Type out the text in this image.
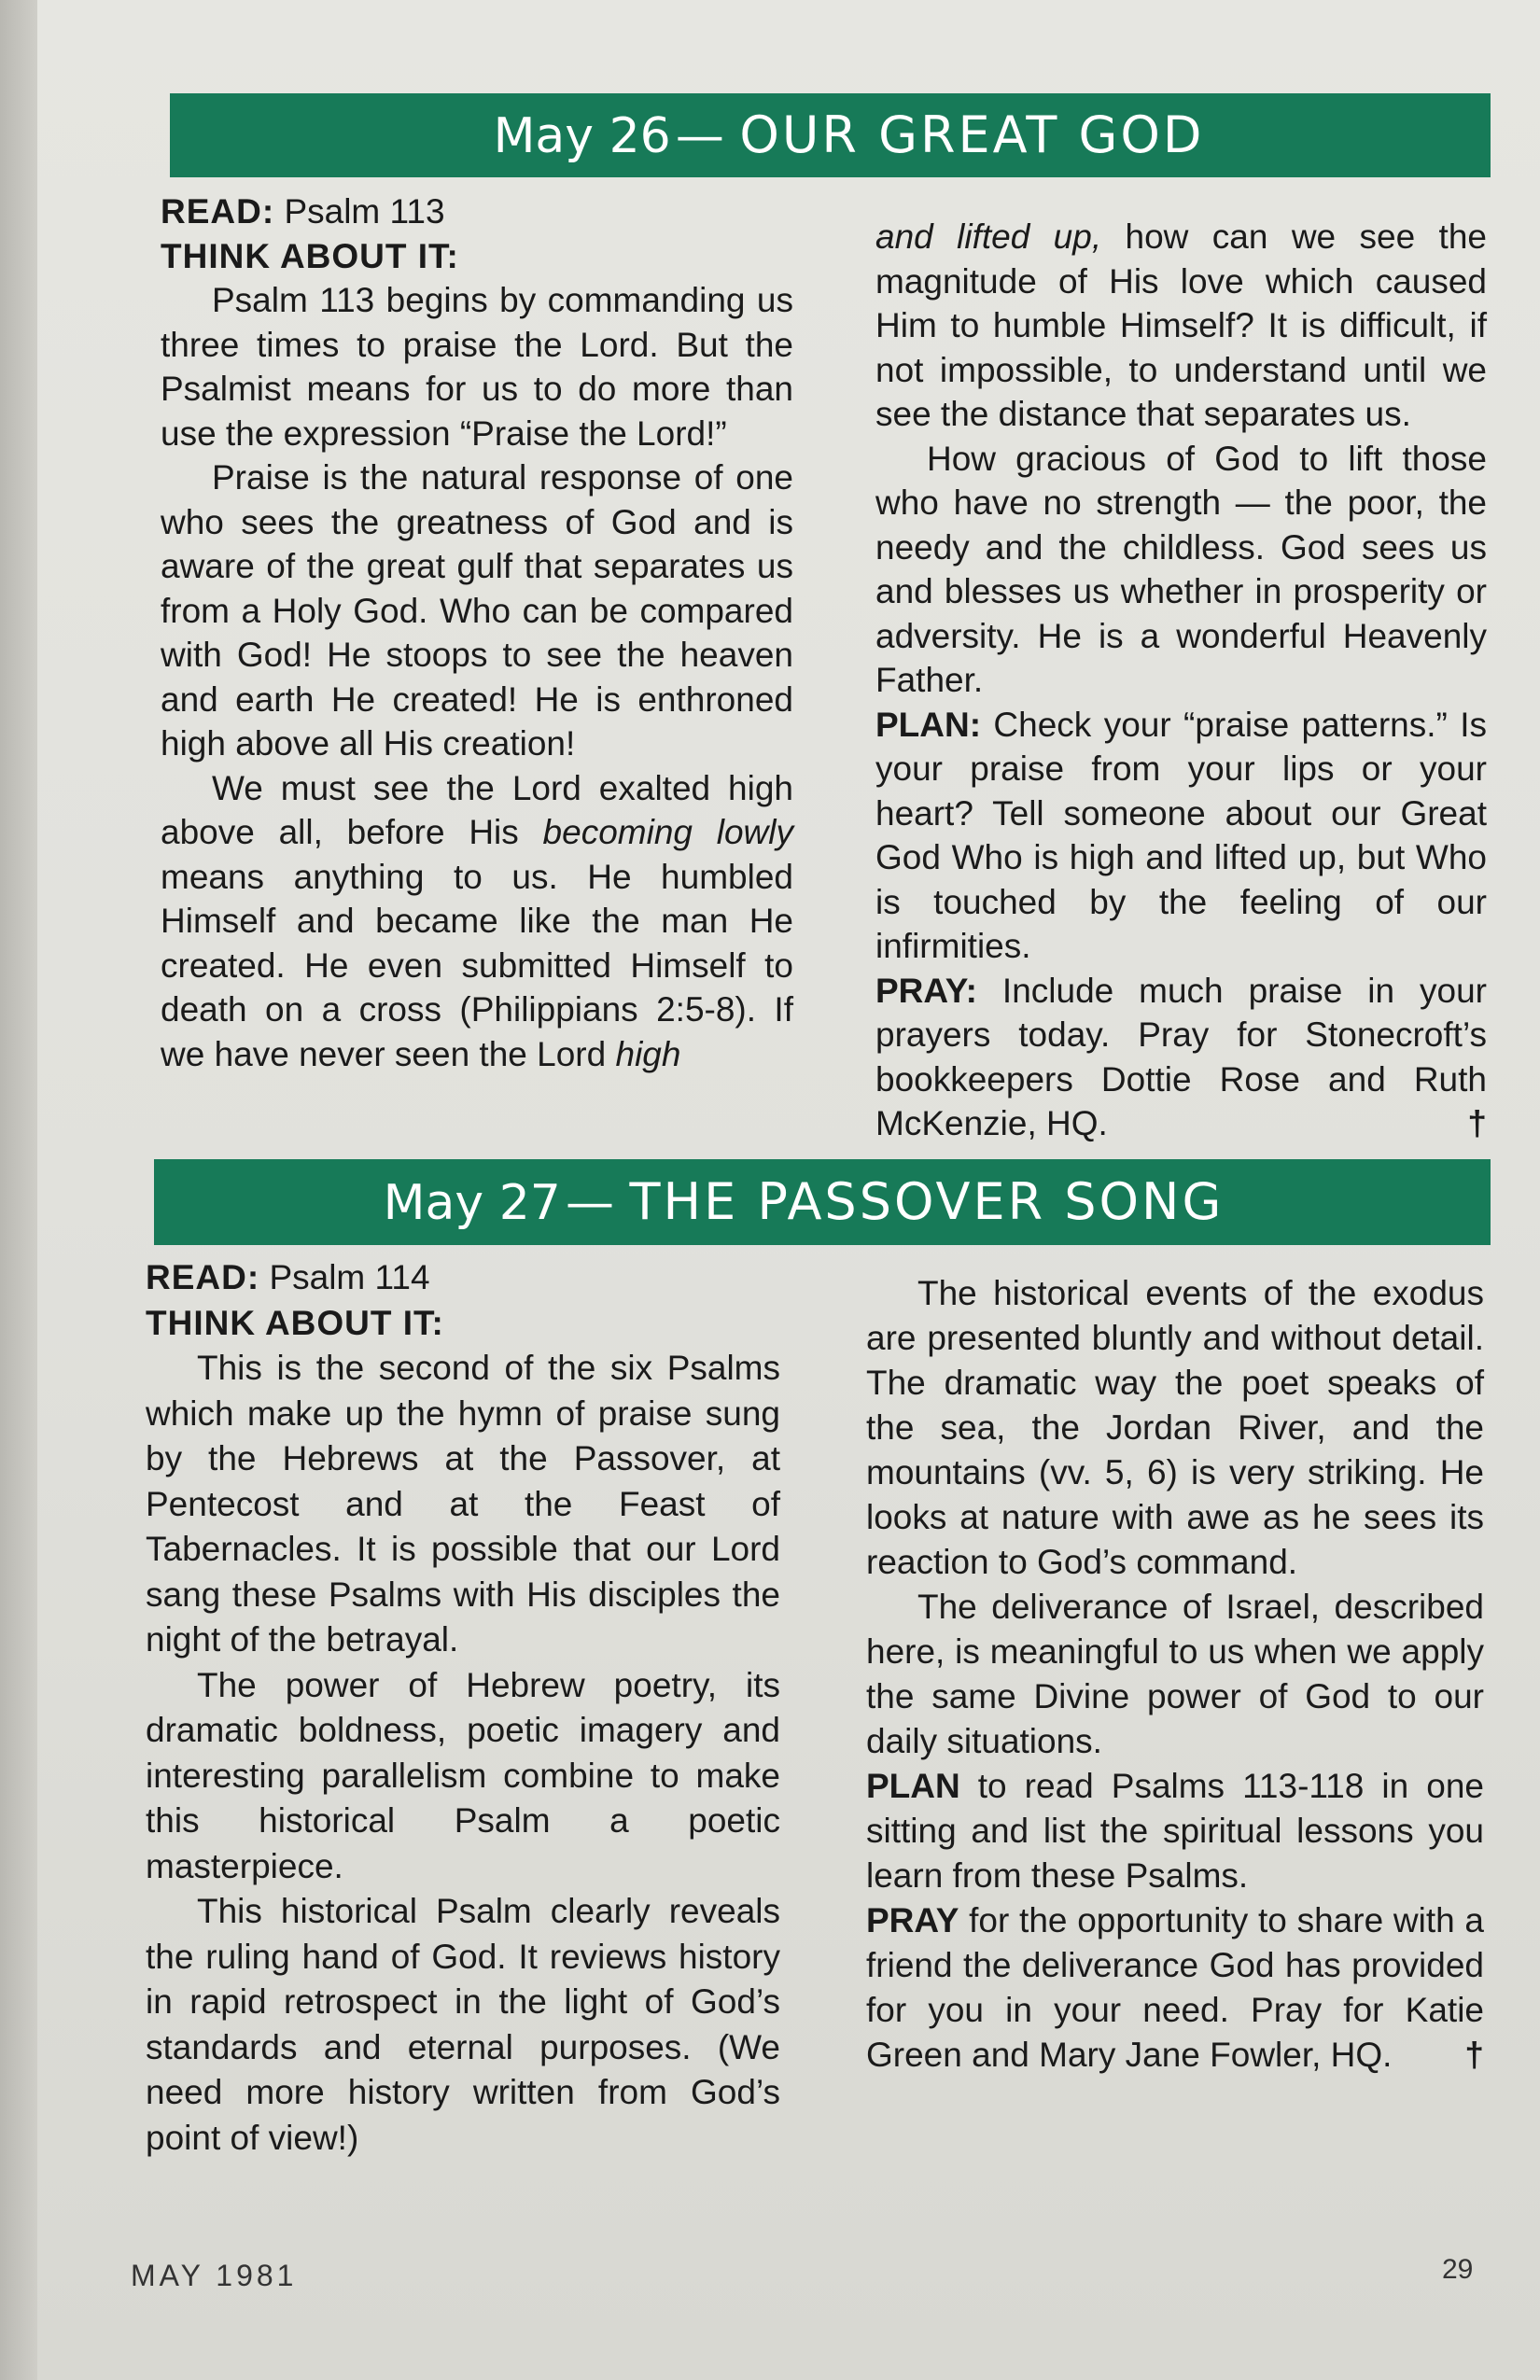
May 26 — OUR GREAT GOD

READ: Psalm 113

THINK ABOUT IT:

Psalm 113 begins by commanding us three times to praise the Lord. But the Psalmist means for us to do more than use the expression “Praise the Lord!”

Praise is the natural response of one who sees the greatness of God and is aware of the great gulf that separates us from a Holy God. Who can be compared with God! He stoops to see the heaven and earth He created! He is enthroned high above all His creation!

We must see the Lord exalted high above all, before His becoming lowly means anything to us. He humbled Himself and became like the man He created. He even submitted Himself to death on a cross (Philippians 2:5-8). If we have never seen the Lord high

and lifted up, how can we see the magnitude of His love which caused Him to humble Himself? It is difficult, if not impossible, to understand until we see the distance that separates us.

How gracious of God to lift those who have no strength — the poor, the needy and the childless. God sees us and blesses us whether in prosperity or adversity. He is a wonderful Heavenly Father.

PLAN: Check your “praise patterns.” Is your praise from your lips or your heart? Tell someone about our Great God Who is high and lifted up, but Who is touched by the feeling of our infirmities.

PRAY: Include much praise in your prayers today. Pray for Stonecroft’s bookkeepers Dottie Rose and Ruth McKenzie, HQ.	†

May 27 — THE PASSOVER SONG

READ: Psalm 114

THINK ABOUT IT:

This is the second of the six Psalms which make up the hymn of praise sung by the Hebrews at the Passover, at Pentecost and at the Feast of Tabernacles. It is possible that our Lord sang these Psalms with His disciples the night of the betrayal.

The power of Hebrew poetry, its dramatic boldness, poetic imagery and interesting parallelism combine to make this historical Psalm a poetic masterpiece.

This historical Psalm clearly reveals the ruling hand of God. It reviews history in rapid retrospect in the light of God’s standards and eternal purposes. (We need more history written from God’s point of view!)

The historical events of the exodus are presented bluntly and without detail. The dramatic way the poet speaks of the sea, the Jordan River, and the mountains (vv. 5, 6) is very striking. He looks at nature with awe as he sees its reaction to God’s command.

The deliverance of Israel, described here, is meaningful to us when we apply the same Divine power of God to our daily situations.

PLAN to read Psalms 113-118 in one sitting and list the spiritual lessons you learn from these Psalms.

PRAY for the opportunity to share with a friend the deliverance God has provided for you in your need. Pray for Katie Green and Mary Jane Fowler, HQ. †

MAY 1981	29
